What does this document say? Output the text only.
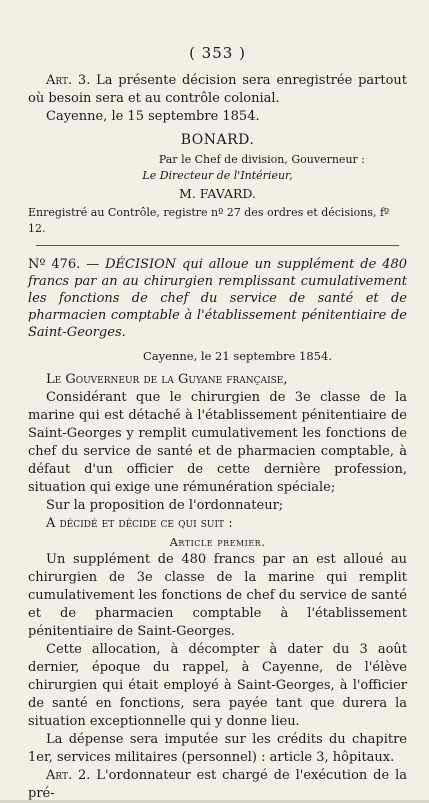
( 353 )

Art. 3. La présente décision sera enregistrée partout où besoin sera et au contrôle colonial.

Cayenne, le 15 septembre 1854.

BONARD.

Par le Chef de division, Gouverneur :

Le Directeur de l'Intérieur,

M. FAVARD.

Enregistré au Contrôle, registre nº 27 des ordres et décisions, fº 12.

Nº 476. — DÉCISION qui alloue un supplément de 480 francs par an au chirurgien remplissant cumulativement les fonctions de chef du service de santé et de pharmacien comptable à l'établissement pénitentiaire de Saint-Georges.

Cayenne, le 21 septembre 1854.

Le Gouverneur de la Guyane française,

Considérant que le chirurgien de 3e classe de la marine qui est détaché à l'établissement pénitentiaire de Saint-Georges y remplit cumulativement les fonctions de chef du service de santé et de pharmacien comptable, à défaut d'un officier de cette dernière profession, situation qui exige une rémunération spéciale;

Sur la proposition de l'ordonnateur;

A décidé et décide ce qui suit :

Article premier.

Un supplément de 480 francs par an est alloué au chirurgien de 3e classe de la marine qui remplit cumulativement les fonctions de chef du service de santé et de pharmacien comptable à l'établissement pénitentiaire de Saint-Georges.

Cette allocation, à décompter à dater du 3 août dernier, époque du rappel, à Cayenne, de l'élève chirurgien qui était employé à Saint-Georges, à l'officier de santé en fonctions, sera payée tant que durera la situation exceptionnelle qui y donne lieu.

La dépense sera imputée sur les crédits du chapitre 1er, services militaires (personnel) : article 3, hôpitaux.

Art. 2. L'ordonnateur est chargé de l'exécution de la pré-
